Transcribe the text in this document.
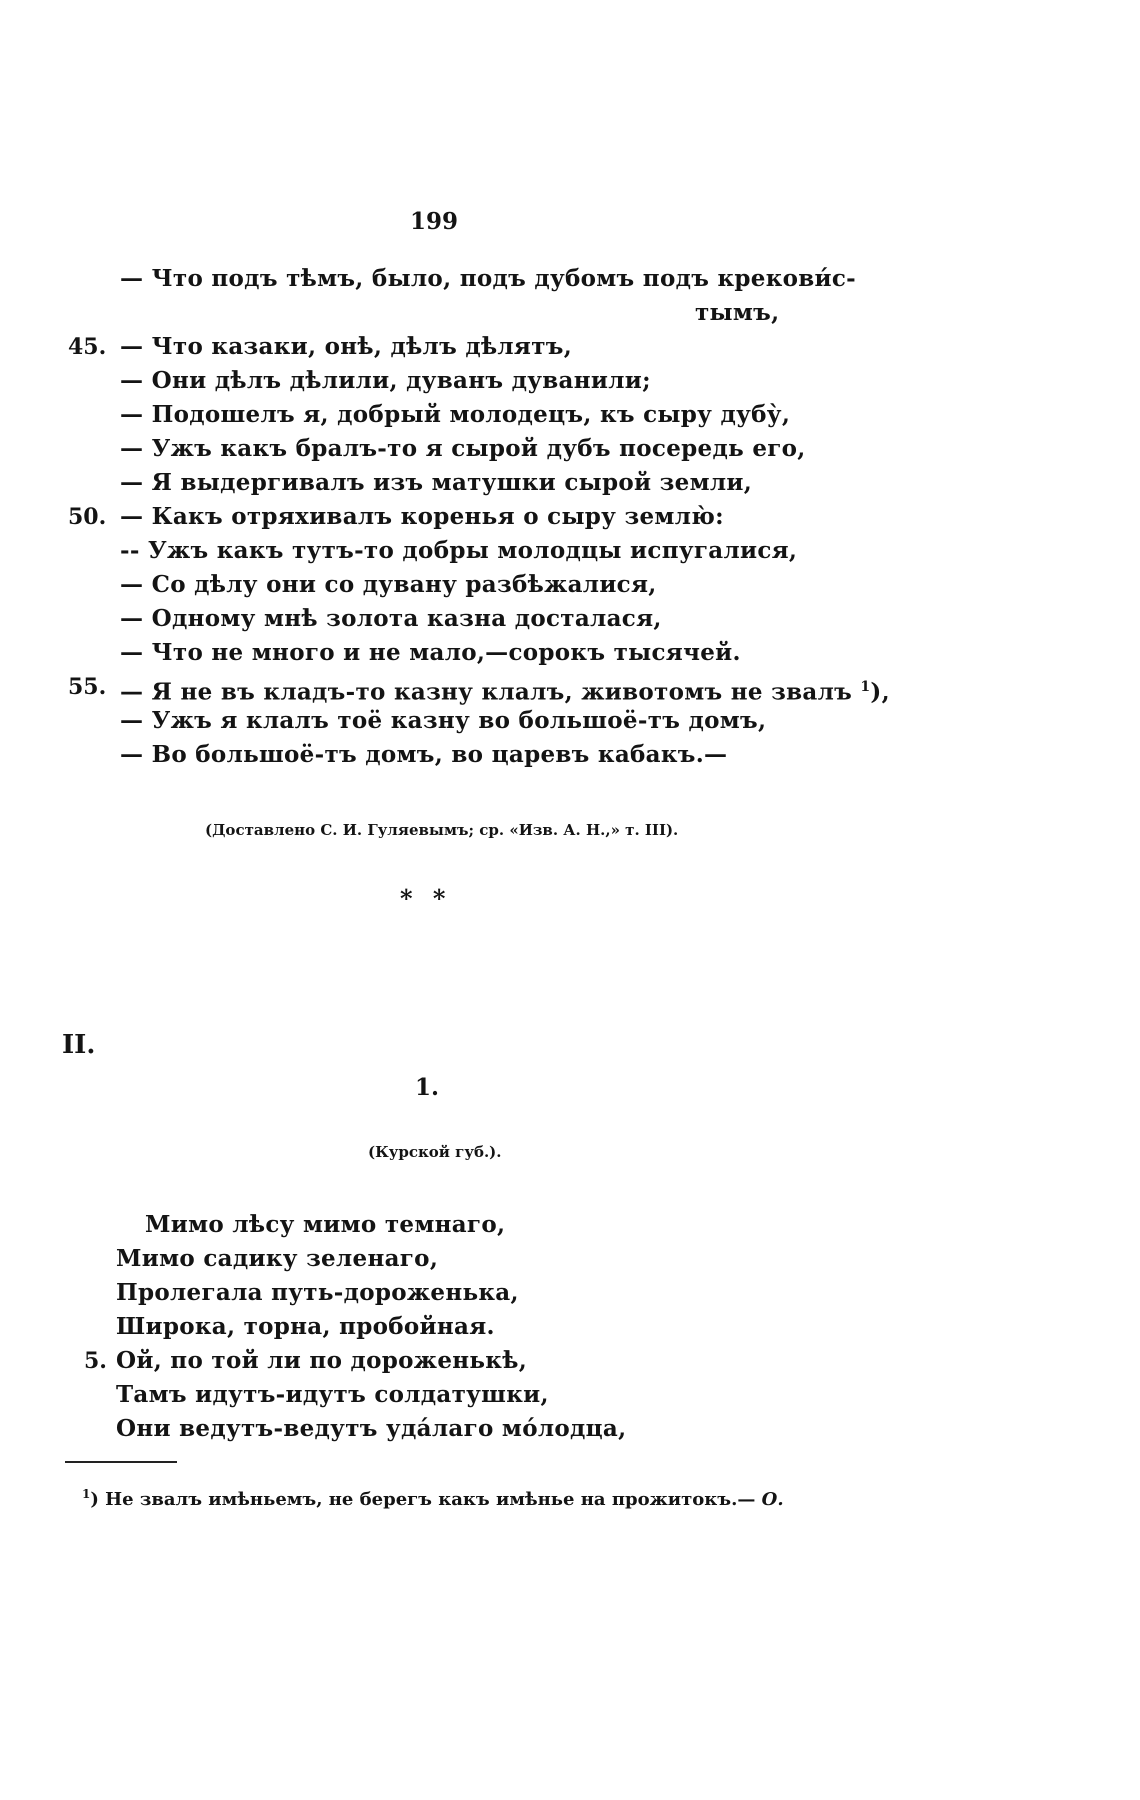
199
— Что подъ тѣмъ, было, подъ дубомъ подъ крекови́с-
тымъ,
45. — Что казаки, онѣ, дѣлъ дѣлятъ,
— Они дѣлъ дѣлили, дуванъ дуванили;
— Подошелъ я, добрый молодецъ, къ сыру дубу̀,
— Ужъ какъ бралъ-то я сырой дубъ посередь его,
— Я выдергивалъ изъ матушки сырой земли,
50. — Какъ отряхивалъ коренья о сыру землю̀:
-- Ужъ какъ тутъ-то добры молодцы испугалися,
— Со дѣлу они со дувану разбѣжалися,
— Одному мнѣ золота казна досталася,
— Что не много и не мало,—сорокъ тысячей.
55. — Я не въ кладъ-то казну клалъ, животомъ не звалъ $^1$),
— Ужъ я клалъ тоё казну во большоё-тъ домъ,
— Во большоё-тъ домъ, во царевъ кабакъ.—
(Доставлено С. И. Гуляевымъ; ср. «Изв. А. Н.,» т. III).
* *
II.
1.
(Курской губ.).
Мимо лѣсу мимо темнаго,
Мимо садику зеленаго,
Пролегала путь-дороженька,
Широка, торна, пробойная.
5. Ой, по той ли по дороженькѣ,
Тамъ идутъ-идутъ солдатушки,
Они ведутъ-ведутъ уда́лаго мо́лодца,
$^1$) Не звалъ имѣньемъ, не берегъ какъ имѣнье на прожитокъ.— О.
